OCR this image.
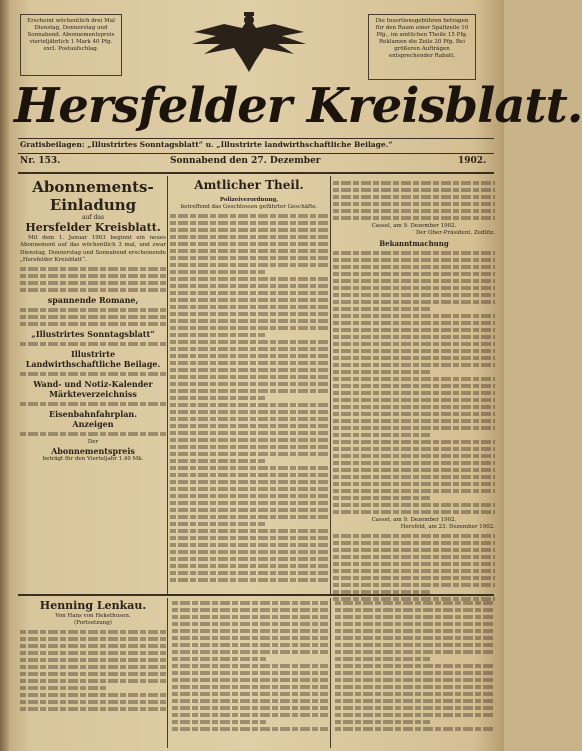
Erscheint wöchentlich drei Mal Dienstag, Donnerstag und Sonnabend. Abonnementspreis vierteljährlich 1 Mark 40 Pfg. excl. Postaufschlag.
Die Insertionsgebühren betragen für den Raum einer Spaltzeile 10 Pfg., im amtlichen Theile 15 Pfg. Reklamen die Zeile 20 Pfg. Bei größeren Aufträgen entsprechender Rabatt.
Hersfelder Kreisblatt.
Gratisbeilagen: „Illustrirtes Sonntagsblatt“ u. „Illustrirte landwirthschaftliche Beilage.“
Nr. 153.	Sonnabend den 27. Dezember	1902.
Abonnements-Einladung
auf das
Hersfelder Kreisblatt.
Mit dem 1. Januar 1903 beginnt ein neues Abonnement auf das wöchentlich 3 mal, und zwar Dienstag, Donnerstag und Sonnabend erscheinende „Hersfelder Kreisblatt“.
spannende Romane,
„Illustrirtes Sonntagsblatt“
Illustrirte
Landwirthschaftliche Beilage.
Wand- und Notiz-Kalender
Märkteverzeichniss
Eisenbahnfahrplan.
Anzeigen
Der
Abonnementspreis
beträgt für den Vierteljahr 1.40 Mk.
Amtlicher Theil.
Polizeiverordnung,
betreffend das Geschlossen geführter Geschäfte.
Cassel, am 9. Dezember 1902.
Der Ober-Präsident. Zedlitz.
Bekanntmachung
Cassel, am 9. Dezember 1902.
Hersfeld, am 23. Dezember 1902.
Henning Lenkau.
Von Hans von Hekethusen.
(Fortsetzung)
